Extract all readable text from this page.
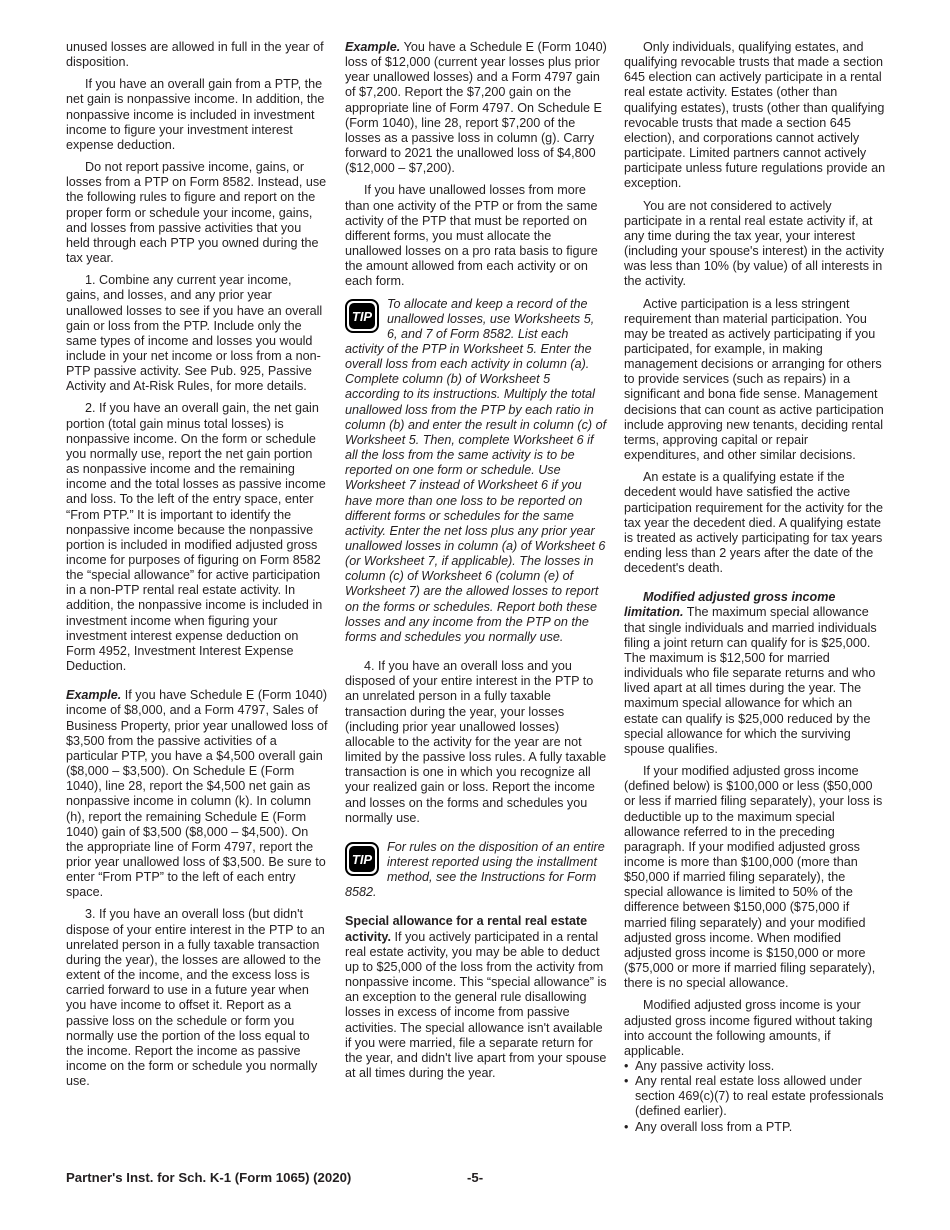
unused losses are allowed in full in the year of disposition.

If you have an overall gain from a PTP, the net gain is nonpassive income. In addition, the nonpassive income is included in investment income to figure your investment interest expense deduction.

Do not report passive income, gains, or losses from a PTP on Form 8582. Instead, use the following rules to figure and report on the proper form or schedule your income, gains, and losses from passive activities that you held through each PTP you owned during the tax year.

1. Combine any current year income, gains, and losses, and any prior year unallowed losses to see if you have an overall gain or loss from the PTP. Include only the same types of income and losses you would include in your net income or loss from a non-PTP passive activity. See Pub. 925, Passive Activity and At-Risk Rules, for more details.

2. If you have an overall gain, the net gain portion (total gain minus total losses) is nonpassive income. On the form or schedule you normally use, report the net gain portion as nonpassive income and the remaining income and the total losses as passive income and loss. To the left of the entry space, enter “From PTP.” It is important to identify the nonpassive income because the nonpassive portion is included in modified adjusted gross income for purposes of figuring on Form 8582 the “special allowance” for active participation in a non-PTP rental real estate activity. In addition, the nonpassive income is included in investment income when figuring your investment interest expense deduction on Form 4952, Investment Interest Expense Deduction.

Example. If you have Schedule E (Form 1040) income of $8,000, and a Form 4797, Sales of Business Property, prior year unallowed loss of $3,500 from the passive activities of a particular PTP, you have a $4,500 overall gain ($8,000 – $3,500). On Schedule E (Form 1040), line 28, report the $4,500 net gain as nonpassive income in column (k). In column (h), report the remaining Schedule E (Form 1040) gain of $3,500 ($8,000 – $4,500). On the appropriate line of Form 4797, report the prior year unallowed loss of $3,500. Be sure to enter “From PTP” to the left of each entry space.

3. If you have an overall loss (but didn't dispose of your entire interest in the PTP to an unrelated person in a fully taxable transaction during the year), the losses are allowed to the extent of the income, and the excess loss is carried forward to use in a future year when you have income to offset it. Report as a passive loss on the schedule or form you normally use the portion of the loss equal to the income. Report the income as passive income on the form or schedule you normally use.

Example. You have a Schedule E (Form 1040) loss of $12,000 (current year losses plus prior year unallowed losses) and a Form 4797 gain of $7,200. Report the $7,200 gain on the appropriate line of Form 4797. On Schedule E (Form 1040), line 28, report $7,200 of the losses as a passive loss in column (g). Carry forward to 2021 the unallowed loss of $4,800 ($12,000 – $7,200).

If you have unallowed losses from more than one activity of the PTP or from the same activity of the PTP that must be reported on different forms, you must allocate the unallowed losses on a pro rata basis to figure the amount allowed from each activity or on each form.

TIP
To allocate and keep a record of the unallowed losses, use Worksheets 5, 6, and 7 of Form 8582. List each activity of the PTP in Worksheet 5. Enter the overall loss from each activity in column (a). Complete column (b) of Worksheet 5 according to its instructions. Multiply the total unallowed loss from the PTP by each ratio in column (b) and enter the result in column (c) of Worksheet 5. Then, complete Worksheet 6 if all the loss from the same activity is to be reported on one form or schedule. Use Worksheet 7 instead of Worksheet 6 if you have more than one loss to be reported on different forms or schedules for the same activity. Enter the net loss plus any prior year unallowed losses in column (a) of Worksheet 6 (or Worksheet 7, if applicable). The losses in column (c) of Worksheet 6 (column (e) of Worksheet 7) are the allowed losses to report on the forms or schedules. Report both these losses and any income from the PTP on the forms and schedules you normally use.

4. If you have an overall loss and you disposed of your entire interest in the PTP to an unrelated person in a fully taxable transaction during the year, your losses (including prior year unallowed losses) allocable to the activity for the year are not limited by the passive loss rules. A fully taxable transaction is one in which you recognize all your realized gain or loss. Report the income and losses on the forms and schedules you normally use.

TIP
For rules on the disposition of an entire interest reported using the installment method, see the Instructions for Form 8582.

Special allowance for a rental real estate activity. If you actively participated in a rental real estate activity, you may be able to deduct up to $25,000 of the loss from the activity from nonpassive income. This “special allowance” is an exception to the general rule disallowing losses in excess of income from passive activities. The special allowance isn't available if you were married, file a separate return for the year, and didn't live apart from your spouse at all times during the year.

Only individuals, qualifying estates, and qualifying revocable trusts that made a section 645 election can actively participate in a rental real estate activity. Estates (other than qualifying estates), trusts (other than qualifying revocable trusts that made a section 645 election), and corporations cannot actively participate. Limited partners cannot actively participate unless future regulations provide an exception.

You are not considered to actively participate in a rental real estate activity if, at any time during the tax year, your interest (including your spouse's interest) in the activity was less than 10% (by value) of all interests in the activity.

Active participation is a less stringent requirement than material participation. You may be treated as actively participating if you participated, for example, in making management decisions or arranging for others to provide services (such as repairs) in a significant and bona fide sense. Management decisions that can count as active participation include approving new tenants, deciding rental terms, approving capital or repair expenditures, and other similar decisions.

An estate is a qualifying estate if the decedent would have satisfied the active participation requirement for the activity for the tax year the decedent died. A qualifying estate is treated as actively participating for tax years ending less than 2 years after the date of the decedent's death.

Modified adjusted gross income limitation. The maximum special allowance that single individuals and married individuals filing a joint return can qualify for is $25,000. The maximum is $12,500 for married individuals who file separate returns and who lived apart at all times during the year. The maximum special allowance for which an estate can qualify is $25,000 reduced by the special allowance for which the surviving spouse qualifies.

If your modified adjusted gross income (defined below) is $100,000 or less ($50,000 or less if married filing separately), your loss is deductible up to the maximum special allowance referred to in the preceding paragraph. If your modified adjusted gross income is more than $100,000 (more than $50,000 if married filing separately), the special allowance is limited to 50% of the difference between $150,000 ($75,000 if married filing separately) and your modified adjusted gross income. When modified adjusted gross income is $150,000 or more ($75,000 or more if married filing separately), there is no special allowance.

Modified adjusted gross income is your adjusted gross income figured without taking into account the following amounts, if applicable.

• Any passive activity loss.
• Any rental real estate loss allowed under section 469(c)(7) to real estate professionals (defined earlier).
• Any overall loss from a PTP.
Partner's Inst. for Sch. K-1 (Form 1065) (2020)	-5-
